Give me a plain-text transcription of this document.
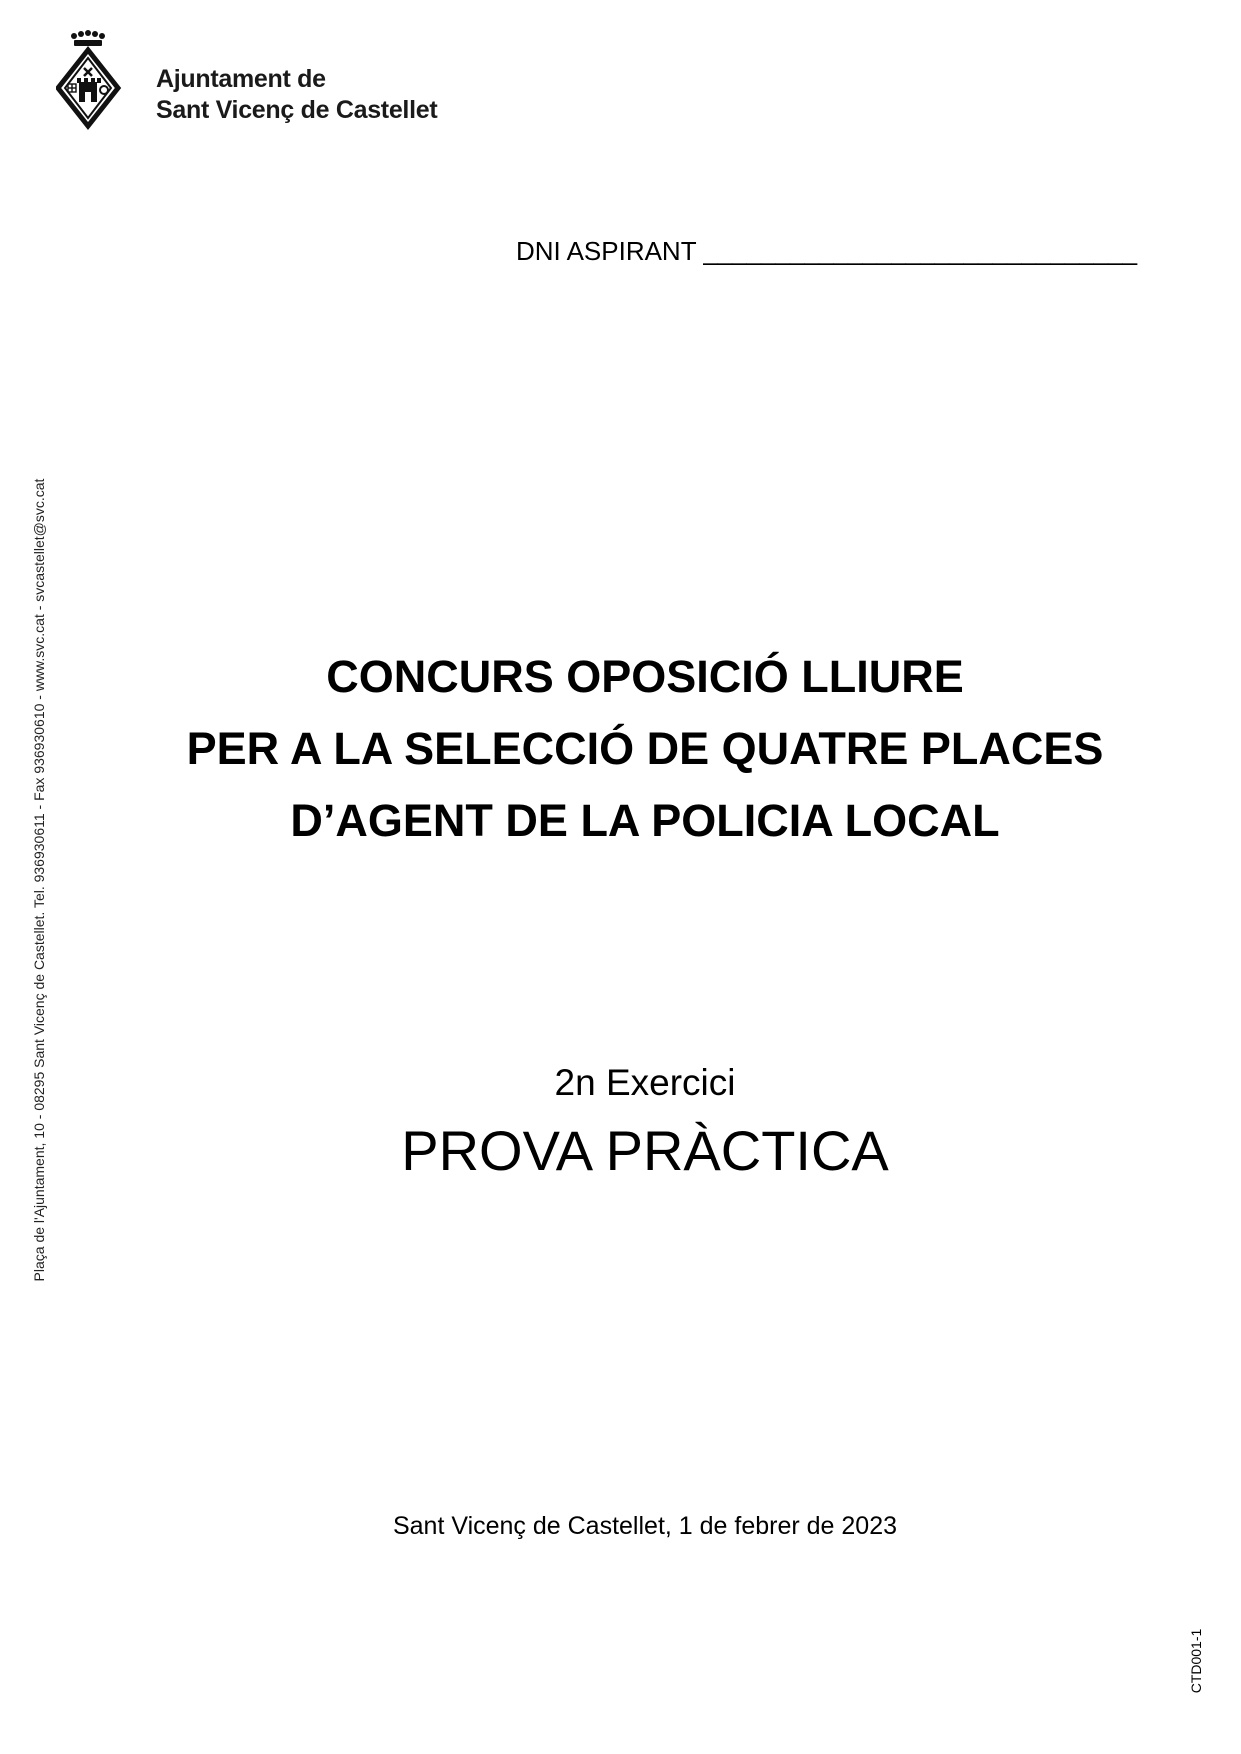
Ajuntament de
Sant Vicenç de Castellet
DNI ASPIRANT ______________________________
Plaça de l'Ajuntament, 10 - 08295 Sant Vicenç de Castellet. Tel. 936930611 - Fax 936930610 - www.svc.cat - svcastellet@svc.cat	CONCURS OPOSICIÓ LLIURE
PER A LA SELECCIÓ DE QUATRE PLACES
D’AGENT DE LA POLICIA LOCAL
2n Exercici
PROVA PRÀCTICA
Sant Vicenç de Castellet, 1 de febrer de 2023
CTD001-1
